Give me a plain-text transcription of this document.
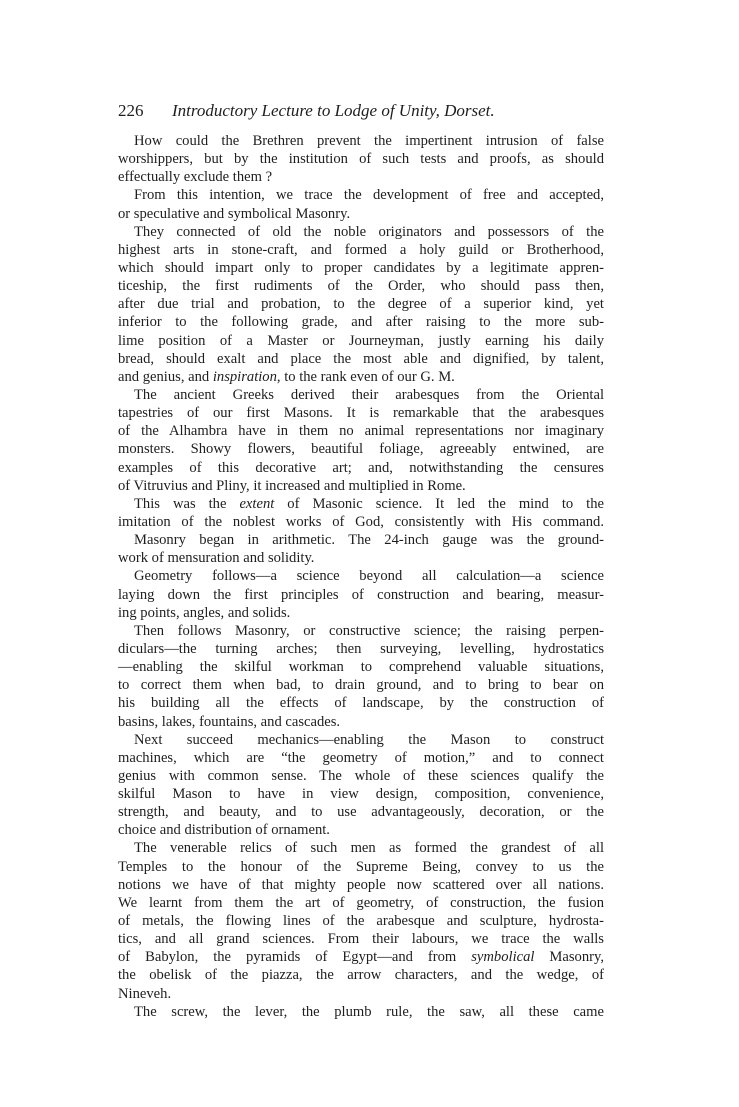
226 Introductory Lecture to Lodge of Unity, Dorset.
How could the Brethren prevent the impertinent intrusion of false
worshippers, but by the institution of such tests and proofs, as should
effectually exclude them ?
From this intention, we trace the development of free and accepted,
or speculative and symbolical Masonry.
They connected of old the noble originators and possessors of the
highest arts in stone-craft, and formed a holy guild or Brotherhood,
which should impart only to proper candidates by a legitimate appren-
ticeship, the first rudiments of the Order, who should pass then,
after due trial and probation, to the degree of a superior kind, yet
inferior to the following grade, and after raising to the more sub-
lime position of a Master or Journeyman, justly earning his daily
bread, should exalt and place the most able and dignified, by talent,
and genius, and inspiration, to the rank even of our G. M.
The ancient Greeks derived their arabesques from the Oriental
tapestries of our first Masons. It is remarkable that the arabesques
of the Alhambra have in them no animal representations nor imaginary
monsters. Showy flowers, beautiful foliage, agreeably entwined, are
examples of this decorative art; and, notwithstanding the censures
of Vitruvius and Pliny, it increased and multiplied in Rome.
This was the extent of Masonic science. It led the mind to the
imitation of the noblest works of God, consistently with His command.
Masonry began in arithmetic. The 24-inch gauge was the ground-
work of mensuration and solidity.
Geometry follows—a science beyond all calculation—a science
laying down the first principles of construction and bearing, measur-
ing points, angles, and solids.
Then follows Masonry, or constructive science; the raising perpen-
diculars—the turning arches; then surveying, levelling, hydrostatics
—enabling the skilful workman to comprehend valuable situations,
to correct them when bad, to drain ground, and to bring to bear on
his building all the effects of landscape, by the construction of
basins, lakes, fountains, and cascades.
Next succeed mechanics—enabling the Mason to construct
machines, which are “the geometry of motion,” and to connect
genius with common sense. The whole of these sciences qualify the
skilful Mason to have in view design, composition, convenience,
strength, and beauty, and to use advantageously, decoration, or the
choice and distribution of ornament.
The venerable relics of such men as formed the grandest of all
Temples to the honour of the Supreme Being, convey to us the
notions we have of that mighty people now scattered over all nations.
We learnt from them the art of geometry, of construction, the fusion
of metals, the flowing lines of the arabesque and sculpture, hydrosta-
tics, and all grand sciences. From their labours, we trace the walls
of Babylon, the pyramids of Egypt—and from symbolical Masonry,
the obelisk of the piazza, the arrow characters, and the wedge, of
Nineveh.
The screw, the lever, the plumb rule, the saw, all these came
